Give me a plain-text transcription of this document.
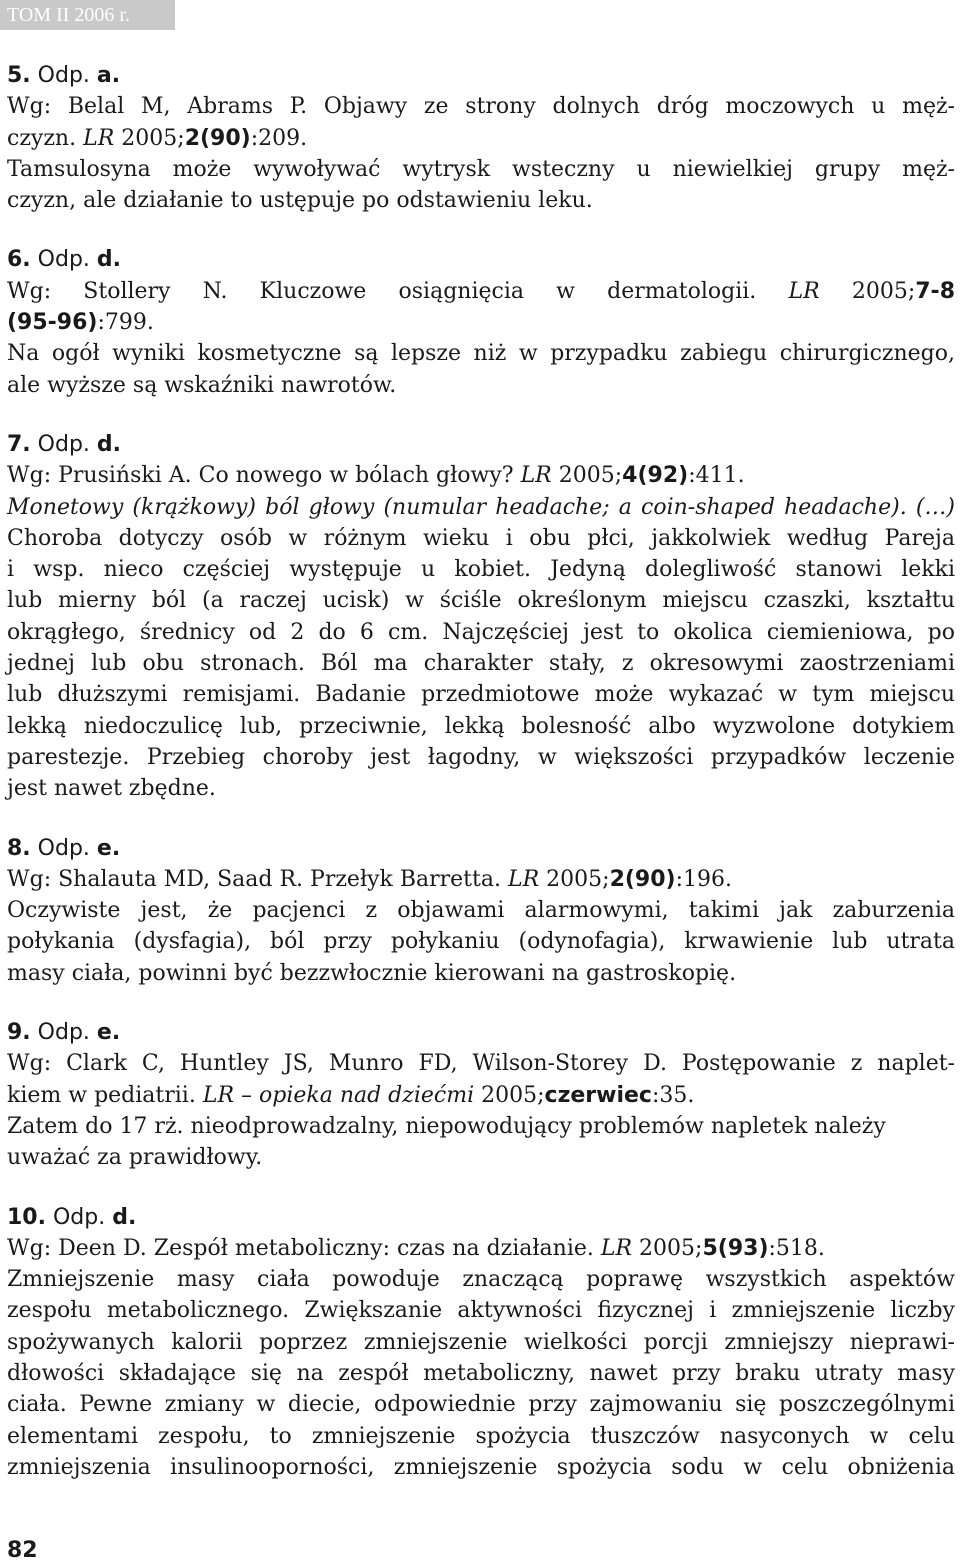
TOM II 2006 r.
5. Odp. a.
Wg: Belal M, Abrams P. Objawy ze strony dolnych dróg moczowych u męż-
czyzn. LR 2005;2(90):209.
Tamsulosyna może wywoływać wytrysk wsteczny u niewielkiej grupy męż-
czyzn, ale działanie to ustępuje po odstawieniu leku.
6. Odp. d.
Wg: Stollery N. Kluczowe osiągnięcia w dermatologii. LR 2005;7-8
(95-96):799.
Na ogół wyniki kosmetyczne są lepsze niż w przypadku zabiegu chirurgicznego,
ale wyższe są wskaźniki nawrotów.
7. Odp. d.
Wg: Prusiński A. Co nowego w bólach głowy? LR 2005;4(92):411.
Monetowy (krążkowy) ból głowy (numular headache; a coin-shaped headache). (…)
Choroba dotyczy osób w różnym wieku i obu płci, jakkolwiek według Pareja
i wsp. nieco częściej występuje u kobiet. Jedyną dolegliwość stanowi lekki
lub mierny ból (a raczej ucisk) w ściśle określonym miejscu czaszki, kształtu
okrągłego, średnicy od 2 do 6 cm. Najczęściej jest to okolica ciemieniowa, po
jednej lub obu stronach. Ból ma charakter stały, z okresowymi zaostrzeniami
lub dłuższymi remisjami. Badanie przedmiotowe może wykazać w tym miejscu
lekką niedoczulicę lub, przeciwnie, lekką bolesność albo wyzwolone dotykiem
parestezje. Przebieg choroby jest łagodny, w większości przypadków leczenie
jest nawet zbędne.
8. Odp. e.
Wg: Shalauta MD, Saad R. Przełyk Barretta. LR 2005;2(90):196.
Oczywiste jest, że pacjenci z objawami alarmowymi, takimi jak zaburzenia
połykania (dysfagia), ból przy połykaniu (odynofagia), krwawienie lub utrata
masy ciała, powinni być bezzwłocznie kierowani na gastroskopię.
9. Odp. e.
Wg: Clark C, Huntley JS, Munro FD, Wilson-Storey D. Postępowanie z naplet-
kiem w pediatrii. LR – opieka nad dziećmi 2005;czerwiec:35.
Zatem do 17 rż. nieodprowadzalny, niepowodujący problemów napletek należy
uważać za prawidłowy.
10. Odp. d.
Wg: Deen D. Zespół metaboliczny: czas na działanie. LR 2005;5(93):518.
Zmniejszenie masy ciała powoduje znaczącą poprawę wszystkich aspektów
zespołu metabolicznego. Zwiększanie aktywności fizycznej i zmniejszenie liczby
spożywanych kalorii poprzez zmniejszenie wielkości porcji zmniejszy nieprawi-
dłowości składające się na zespół metaboliczny, nawet przy braku utraty masy
ciała. Pewne zmiany w diecie, odpowiednie przy zajmowaniu się poszczególnymi
elementami zespołu, to zmniejszenie spożycia tłuszczów nasyconych w celu
zmniejszenia insulinooporności, zmniejszenie spożycia sodu w celu obniżenia
82
